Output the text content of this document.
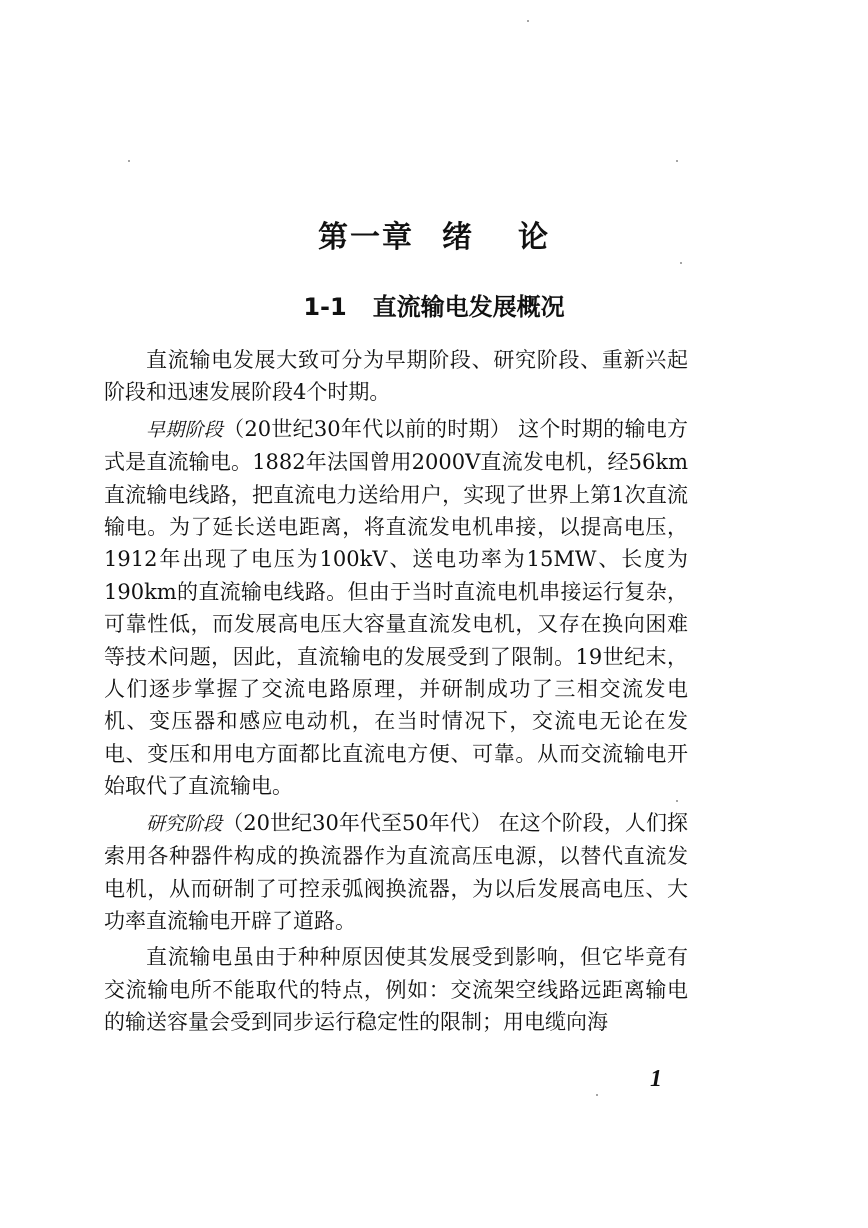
第一章 绪 论
1-1 直流输电发展概况

直流输电发展大致可分为早期阶段、研究阶段、重新兴起阶段和迅速发展阶段4个时期。

早期阶段（20世纪30年代以前的时期） 这个时期的输电方式是直流输电。1882年法国曾用2000V直流发电机，经56km直流输电线路，把直流电力送给用户，实现了世界上第1次直流输电。为了延长送电距离，将直流发电机串接，以提高电压，1912年出现了电压为100kV、送电功率为15MW、长度为190km的直流输电线路。但由于当时直流电机串接运行复杂，可靠性低，而发展高电压大容量直流发电机，又存在换向困难等技术问题，因此，直流输电的发展受到了限制。19世纪末，人们逐步掌握了交流电路原理，并研制成功了三相交流发电机、变压器和感应电动机，在当时情况下，交流电无论在发电、变压和用电方面都比直流电方便、可靠。从而交流输电开始取代了直流输电。

研究阶段（20世纪30年代至50年代） 在这个阶段，人们探索用各种器件构成的换流器作为直流高压电源，以替代直流发电机，从而研制了可控汞弧阀换流器，为以后发展高电压、大功率直流输电开辟了道路。

直流输电虽由于种种原因使其发展受到影响，但它毕竟有交流输电所不能取代的特点，例如：交流架空线路远距离输电的输送容量会受到同步运行稳定性的限制；用电缆向海

1
